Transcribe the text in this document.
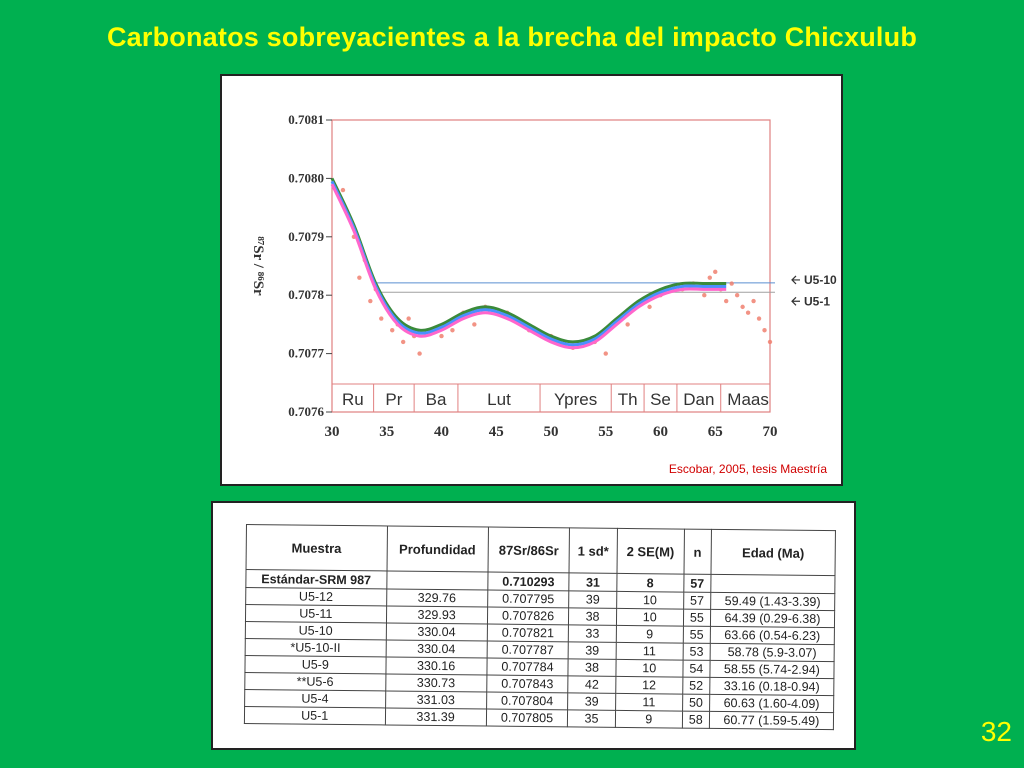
Carbonatos sobreyacientes a la brecha del impacto Chicxulub
0.7081
0.7080
0.7079
0.7078
0.7077
0.7076
⁸⁷Sr / ⁸⁶Sr
30	35	40	45	50	55	60	65	70
Ru Pr Ba Lut	Ypres Th Se Dan Maas
U5-10
U5-1
Escobar, 2005, tesis Maestría
Muestra	Profundidad	87Sr/86Sr	1 sd*	2 SE(M)	n	Edad (Ma)
Estándar-SRM 987		0.710293	31	8	57	
U5-12	329.76	0.707795	39	10	57	59.49 (1.43-3.39)
U5-11	329.93	0.707826	38	10	55	64.39 (0.29-6.38)
U5-10	330.04	0.707821	33	9	55	63.66 (0.54-6.23)
*U5-10-II	330.04	0.707787	39	11	53	58.78 (5.9-3.07)
U5-9	330.16	0.707784	38	10	54	58.55 (5.74-2.94)
**U5-6	330.73	0.707843	42	12	52	33.16 (0.18-0.94)
U5-4	331.03	0.707804	39	11	50	60.63 (1.60-4.09)
U5-1	331.39	0.707805	35	9	58	60.77 (1.59-5.49)	32
